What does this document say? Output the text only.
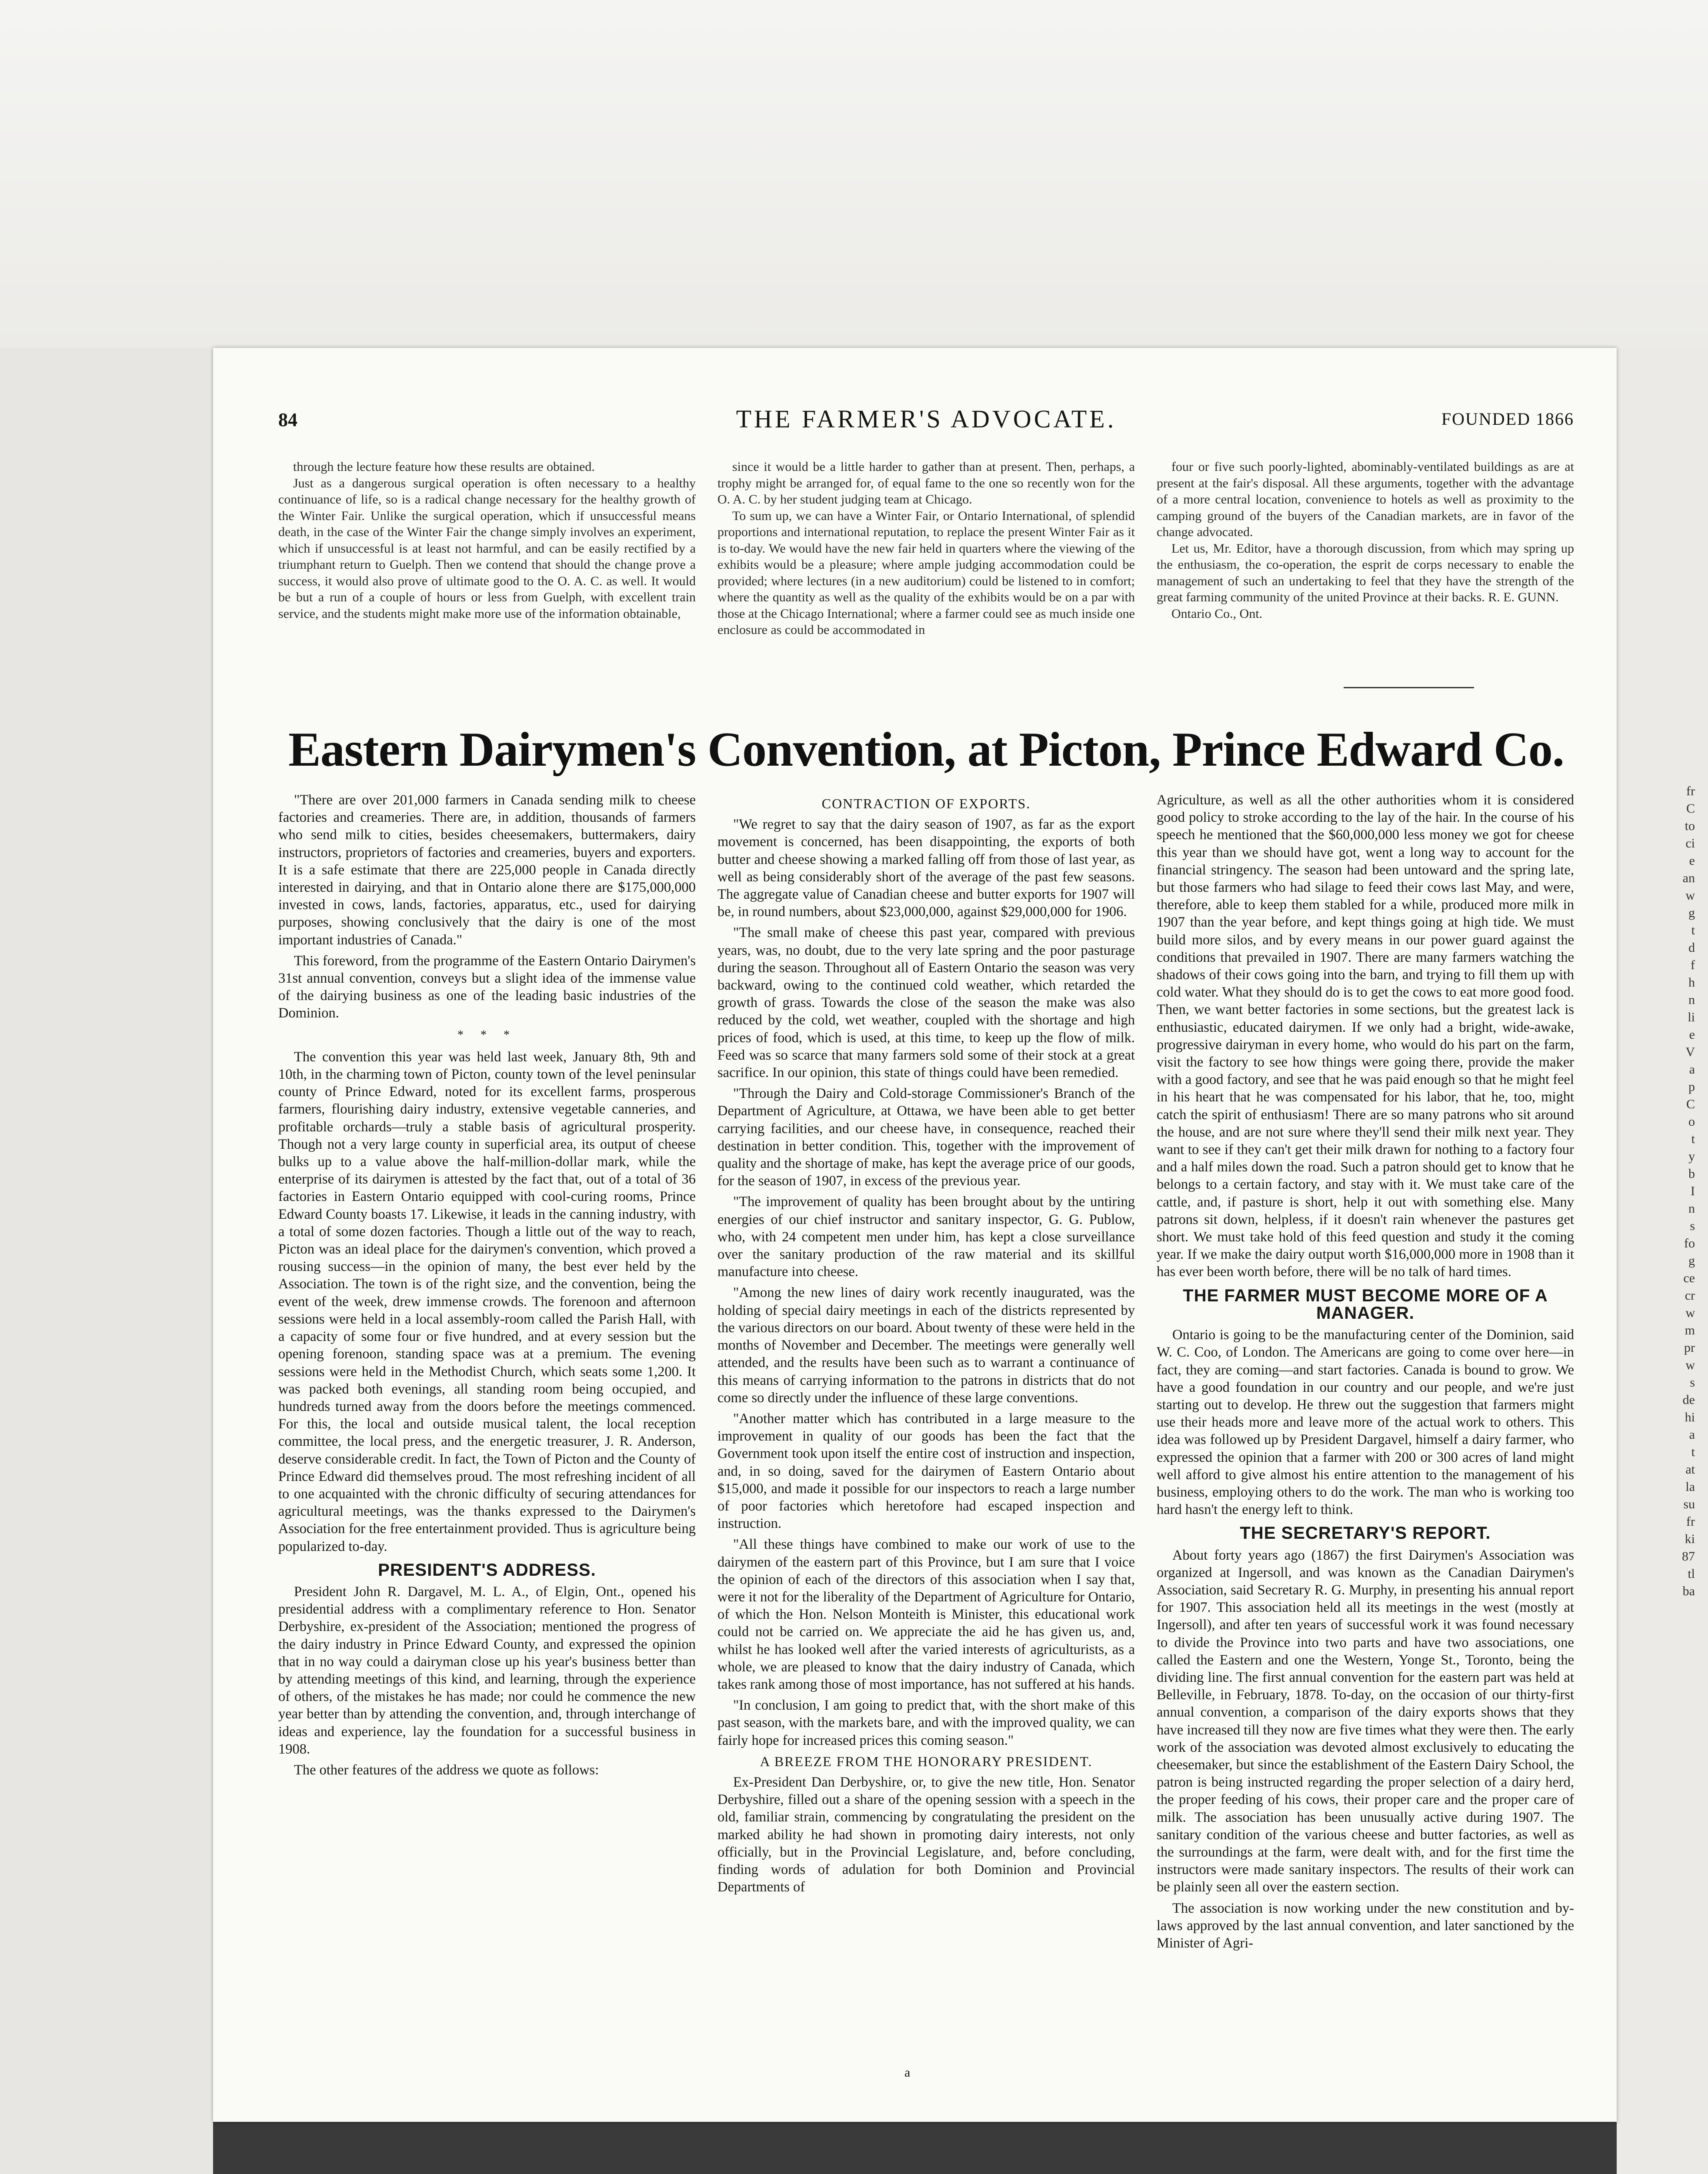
fr
C
to
ci
e
an
w
g
t
d
f
h
n
li
e
V
a
p
C
o
t
y
b
I
n
s
fo
g
ce
cr
w
m
pr
w
s
de
hi
a
t
at
la
su
fr
ki
87
tl
ba
84	THE FARMER'S ADVOCATE.	FOUNDED 1866

through the lecture feature how these results are obtained.

Just as a dangerous surgical operation is often necessary to a healthy continuance of life, so is a radical change necessary for the healthy growth of the Winter Fair. Unlike the surgical operation, which if unsuccessful means death, in the case of the Winter Fair the change simply involves an experiment, which if unsuccessful is at least not harmful, and can be easily rectified by a triumphant return to Guelph. Then we contend that should the change prove a success, it would also prove of ultimate good to the O. A. C. as well. It would be but a run of a couple of hours or less from Guelph, with excellent train service, and the students might make more use of the information obtainable,

since it would be a little harder to gather than at present. Then, perhaps, a trophy might be arranged for, of equal fame to the one so recently won for the O. A. C. by her student judging team at Chicago.

To sum up, we can have a Winter Fair, or Ontario International, of splendid proportions and international reputation, to replace the present Winter Fair as it is to-day. We would have the new fair held in quarters where the viewing of the exhibits would be a pleasure; where ample judging accommodation could be provided; where lectures (in a new auditorium) could be listened to in comfort; where the quantity as well as the quality of the exhibits would be on a par with those at the Chicago International; where a farmer could see as much inside one enclosure as could be accommodated in

four or five such poorly-lighted, abominably-ventilated buildings as are at present at the fair's disposal. All these arguments, together with the advantage of a more central location, convenience to hotels as well as proximity to the camping ground of the buyers of the Canadian markets, are in favor of the change advocated.

Let us, Mr. Editor, have a thorough discussion, from which may spring up the enthusiasm, the co-operation, the esprit de corps necessary to enable the management of such an undertaking to feel that they have the strength of the great farming community of the united Province at their backs. R. E. GUNN.

Ontario Co., Ont.

Eastern Dairymen's Convention, at Picton, Prince Edward Co.

"There are over 201,000 farmers in Canada sending milk to cheese factories and creameries. There are, in addition, thousands of farmers who send milk to cities, besides cheesemakers, buttermakers, dairy instructors, proprietors of factories and creameries, buyers and exporters. It is a safe estimate that there are 225,000 people in Canada directly interested in dairying, and that in Ontario alone there are $175,000,000 invested in cows, lands, factories, apparatus, etc., used for dairying purposes, showing conclusively that the dairy is one of the most important industries of Canada."

This foreword, from the programme of the Eastern Ontario Dairymen's 31st annual convention, conveys but a slight idea of the immense value of the dairying business as one of the leading basic industries of the Dominion.

* * *

The convention this year was held last week, January 8th, 9th and 10th, in the charming town of Picton, county town of the level peninsular county of Prince Edward, noted for its excellent farms, prosperous farmers, flourishing dairy industry, extensive vegetable canneries, and profitable orchards—truly a stable basis of agricultural prosperity. Though not a very large county in superficial area, its output of cheese bulks up to a value above the half-million-dollar mark, while the enterprise of its dairymen is attested by the fact that, out of a total of 36 factories in Eastern Ontario equipped with cool-curing rooms, Prince Edward County boasts 17. Likewise, it leads in the canning industry, with a total of some dozen factories. Though a little out of the way to reach, Picton was an ideal place for the dairymen's convention, which proved a rousing success—in the opinion of many, the best ever held by the Association. The town is of the right size, and the convention, being the event of the week, drew immense crowds. The forenoon and afternoon sessions were held in a local assembly-room called the Parish Hall, with a capacity of some four or five hundred, and at every session but the opening forenoon, standing space was at a premium. The evening sessions were held in the Methodist Church, which seats some 1,200. It was packed both evenings, all standing room being occupied, and hundreds turned away from the doors before the meetings commenced. For this, the local and outside musical talent, the local reception committee, the local press, and the energetic treasurer, J. R. Anderson, deserve considerable credit. In fact, the Town of Picton and the County of Prince Edward did themselves proud. The most refreshing incident of all to one acquainted with the chronic difficulty of securing attendances for agricultural meetings, was the thanks expressed to the Dairymen's Association for the free entertainment provided. Thus is agriculture being popularized to-day.

PRESIDENT'S ADDRESS.

President John R. Dargavel, M. L. A., of Elgin, Ont., opened his presidential address with a complimentary reference to Hon. Senator Derbyshire, ex-president of the Association; mentioned the progress of the dairy industry in Prince Edward County, and expressed the opinion that in no way could a dairyman close up his year's business better than by attending meetings of this kind, and learning, through the experience of others, of the mistakes he has made; nor could he commence the new year better than by attending the convention, and, through interchange of ideas and experience, lay the foundation for a successful business in 1908.

The other features of the address we quote as follows:

CONTRACTION OF EXPORTS.

"We regret to say that the dairy season of 1907, as far as the export movement is concerned, has been disappointing, the exports of both butter and cheese showing a marked falling off from those of last year, as well as being considerably short of the average of the past few seasons. The aggregate value of Canadian cheese and butter exports for 1907 will be, in round numbers, about $23,000,000, against $29,000,000 for 1906.

"The small make of cheese this past year, compared with previous years, was, no doubt, due to the very late spring and the poor pasturage during the season. Throughout all of Eastern Ontario the season was very backward, owing to the continued cold weather, which retarded the growth of grass. Towards the close of the season the make was also reduced by the cold, wet weather, coupled with the shortage and high prices of food, which is used, at this time, to keep up the flow of milk. Feed was so scarce that many farmers sold some of their stock at a great sacrifice. In our opinion, this state of things could have been remedied.

"Through the Dairy and Cold-storage Commissioner's Branch of the Department of Agriculture, at Ottawa, we have been able to get better carrying facilities, and our cheese have, in consequence, reached their destination in better condition. This, together with the improvement of quality and the shortage of make, has kept the average price of our goods, for the season of 1907, in excess of the previous year.

"The improvement of quality has been brought about by the untiring energies of our chief instructor and sanitary inspector, G. G. Publow, who, with 24 competent men under him, has kept a close surveillance over the sanitary production of the raw material and its skillful manufacture into cheese.

"Among the new lines of dairy work recently inaugurated, was the holding of special dairy meetings in each of the districts represented by the various directors on our board. About twenty of these were held in the months of November and December. The meetings were generally well attended, and the results have been such as to warrant a continuance of this means of carrying information to the patrons in districts that do not come so directly under the influence of these large conventions.

"Another matter which has contributed in a large measure to the improvement in quality of our goods has been the fact that the Government took upon itself the entire cost of instruction and inspection, and, in so doing, saved for the dairymen of Eastern Ontario about $15,000, and made it possible for our inspectors to reach a large number of poor factories which heretofore had escaped inspection and instruction.

"All these things have combined to make our work of use to the dairymen of the eastern part of this Province, but I am sure that I voice the opinion of each of the directors of this association when I say that, were it not for the liberality of the Department of Agriculture for Ontario, of which the Hon. Nelson Monteith is Minister, this educational work could not be carried on. We appreciate the aid he has given us, and, whilst he has looked well after the varied interests of agriculturists, as a whole, we are pleased to know that the dairy industry of Canada, which takes rank among those of most importance, has not suffered at his hands.

"In conclusion, I am going to predict that, with the short make of this past season, with the markets bare, and with the improved quality, we can fairly hope for increased prices this coming season."

A BREEZE FROM THE HONORARY PRESIDENT.

Ex-President Dan Derbyshire, or, to give the new title, Hon. Senator Derbyshire, filled out a share of the opening session with a speech in the old, familiar strain, commencing by congratulating the president on the marked ability he had shown in promoting dairy interests, not only officially, but in the Provincial Legislature, and, before concluding, finding words of adulation for both Dominion and Provincial Departments of

Agriculture, as well as all the other authorities whom it is considered good policy to stroke according to the lay of the hair. In the course of his speech he mentioned that the $60,000,000 less money we got for cheese this year than we should have got, went a long way to account for the financial stringency. The season had been untoward and the spring late, but those farmers who had silage to feed their cows last May, and were, therefore, able to keep them stabled for a while, produced more milk in 1907 than the year before, and kept things going at high tide. We must build more silos, and by every means in our power guard against the conditions that prevailed in 1907. There are many farmers watching the shadows of their cows going into the barn, and trying to fill them up with cold water. What they should do is to get the cows to eat more good food. Then, we want better factories in some sections, but the greatest lack is enthusiastic, educated dairymen. If we only had a bright, wide-awake, progressive dairyman in every home, who would do his part on the farm, visit the factory to see how things were going there, provide the maker with a good factory, and see that he was paid enough so that he might feel in his heart that he was compensated for his labor, that he, too, might catch the spirit of enthusiasm! There are so many patrons who sit around the house, and are not sure where they'll send their milk next year. They want to see if they can't get their milk drawn for nothing to a factory four and a half miles down the road. Such a patron should get to know that he belongs to a certain factory, and stay with it. We must take care of the cattle, and, if pasture is short, help it out with something else. Many patrons sit down, helpless, if it doesn't rain whenever the pastures get short. We must take hold of this feed question and study it the coming year. If we make the dairy output worth $16,000,000 more in 1908 than it has ever been worth before, there will be no talk of hard times.

THE FARMER MUST BECOME MORE OF A MANAGER.

Ontario is going to be the manufacturing center of the Dominion, said W. C. Coo, of London. The Americans are going to come over here—in fact, they are coming—and start factories. Canada is bound to grow. We have a good foundation in our country and our people, and we're just starting out to develop. He threw out the suggestion that farmers might use their heads more and leave more of the actual work to others. This idea was followed up by President Dargavel, himself a dairy farmer, who expressed the opinion that a farmer with 200 or 300 acres of land might well afford to give almost his entire attention to the management of his business, employing others to do the work. The man who is working too hard hasn't the energy left to think.

THE SECRETARY'S REPORT.

About forty years ago (1867) the first Dairymen's Association was organized at Ingersoll, and was known as the Canadian Dairymen's Association, said Secretary R. G. Murphy, in presenting his annual report for 1907. This association held all its meetings in the west (mostly at Ingersoll), and after ten years of successful work it was found necessary to divide the Province into two parts and have two associations, one called the Eastern and one the Western, Yonge St., Toronto, being the dividing line. The first annual convention for the eastern part was held at Belleville, in February, 1878. To-day, on the occasion of our thirty-first annual convention, a comparison of the dairy exports shows that they have increased till they now are five times what they were then. The early work of the association was devoted almost exclusively to educating the cheesemaker, but since the establishment of the Eastern Dairy School, the patron is being instructed regarding the proper selection of a dairy herd, the proper feeding of his cows, their proper care and the proper care of milk. The association has been unusually active during 1907. The sanitary condition of the various cheese and butter factories, as well as the surroundings at the farm, were dealt with, and for the first time the instructors were made sanitary inspectors. The results of their work can be plainly seen all over the eastern section.

The association is now working under the new constitution and by-laws approved by the last annual convention, and later sanctioned by the Minister of Agri-

a
